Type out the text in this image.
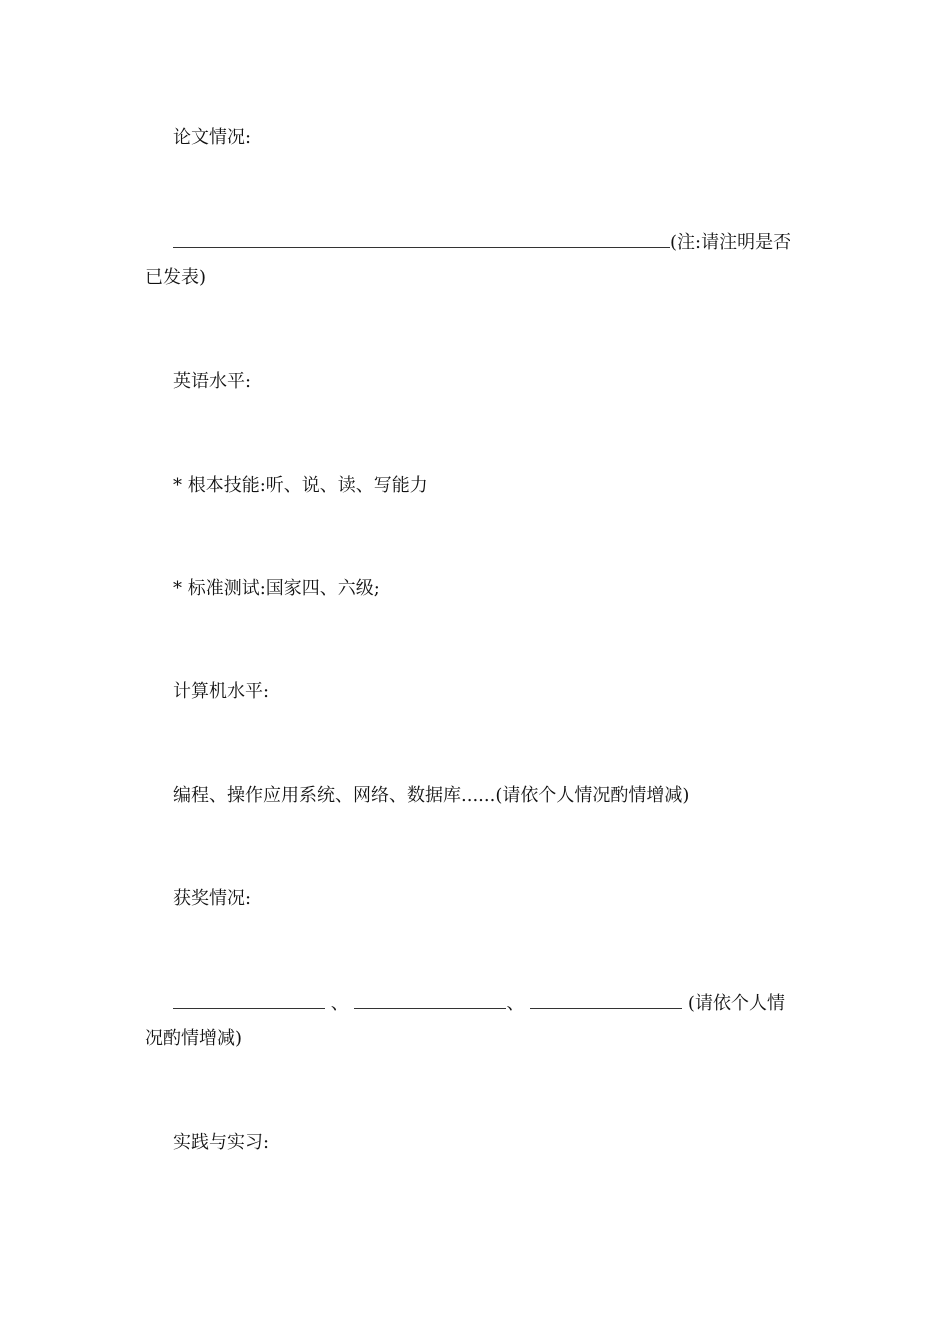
论文情况:
(注:请注明是否
已发表)
英语水平:
* 根本技能:听、说、读、写能力
* 标准测试:国家四、六级;
计算机水平:
编程、操作应用系统、网络、数据库......(请依个人情况酌情增减)
获奖情况:
、	、	(请依个人情
况酌情增减)
实践与实习:
